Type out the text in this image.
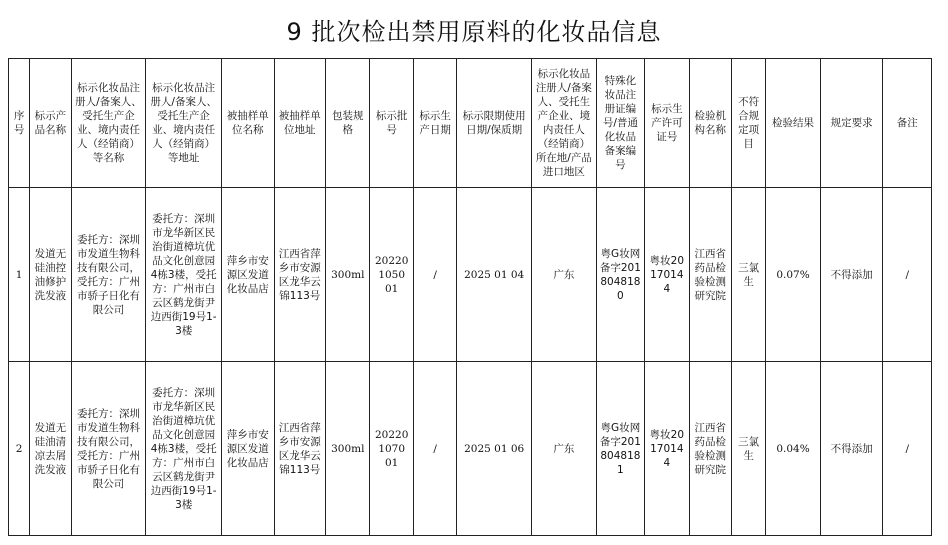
9 批次检出禁用原料的化妆品信息
序号	标示产品名称	标示化妆品注册人/备案人、受托生产企业、境内责任人（经销商）等名称	标示化妆品注册人/备案人、受托生产企业、境内责任人（经销商）等地址	被抽样单位名称	被抽样单位地址	包装规格	标示批号	标示生产日期	标示限期使用日期/保质期	标示化妆品注册人/备案人、受托生产企业、境内责任人（经销商）所在地/产品进口地区	特殊化妆品注册证编号/普通化妆品备案编号	标示生产许可证号	检验机构名称	不符合规定项目	检验结果	规定要求	备注
1	发道无硅油控油修护洗发液	委托方：深圳市发道生物科技有限公司，受托方：广州市骄子日化有限公司	委托方：深圳市龙华新区民治街道樟坑优品文化创意园4栋3楼，受托方：广州市白云区鹤龙街尹边西街19号1-3楼	萍乡市安源区发道化妆品店	江西省萍乡市安源区龙华云锦113号	300ml	202201050 01	/	2025 01 04	广东	粤G妆网备字2018048180	粤妆20170144	江西省药品检验检测研究院	三氯生	0.07%	不得添加	/
2	发道无硅油清凉去屑洗发液	委托方：深圳市发道生物科技有限公司，受托方：广州市骄子日化有限公司	委托方：深圳市龙华新区民治街道樟坑优品文化创意园4栋3楼，受托方：广州市白云区鹤龙街尹边西街19号1-3楼	萍乡市安源区发道化妆品店	江西省萍乡市安源区龙华云锦113号	300ml	202201070 01	/	2025 01 06	广东	粤G妆网备字2018048181	粤妆20170144	江西省药品检验检测研究院	三氯生	0.04%	不得添加	/
